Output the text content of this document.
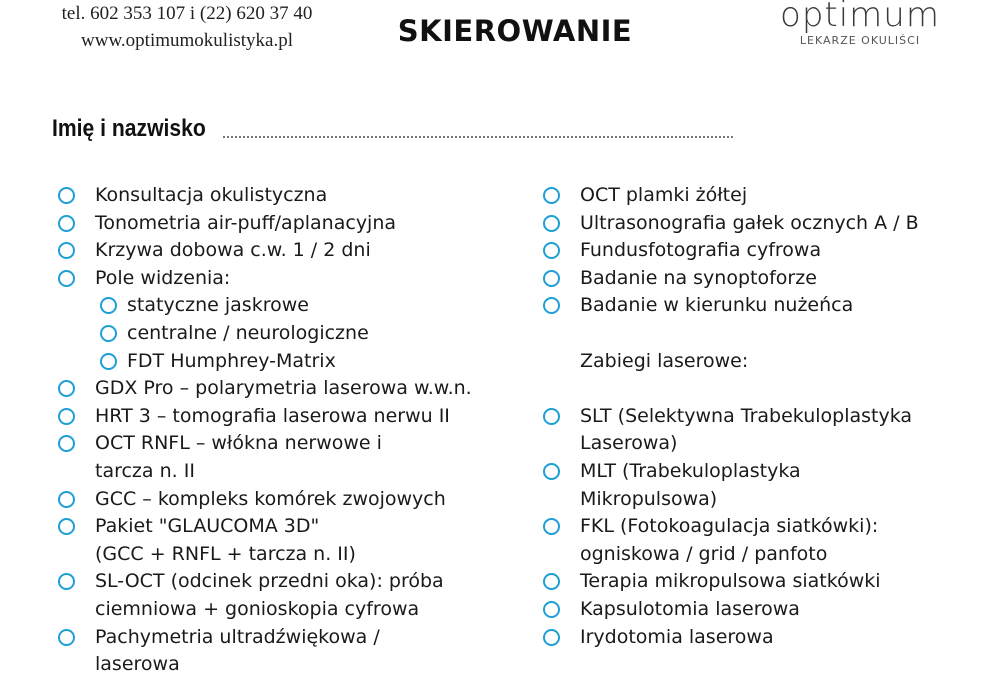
tel. 602 353 107 i (22) 620 37 40
www.optimumokulistyka.pl	SKIEROWANIE	optimum
LEKARZE OKULIŚCI
Imię i nazwisko
Konsultacja okulistyczna
Tonometria air-puff/aplanacyjna
Krzywa dobowa c.w. 1 / 2 dni
Pole widzenia:
statyczne jaskrowe
centralne / neurologiczne
FDT Humphrey-Matrix
GDX Pro – polarymetria laserowa w.w.n.
HRT 3 – tomografia laserowa nerwu II
OCT RNFL – włókna nerwowe i
tarcza n. II
GCC – kompleks komórek zwojowych
Pakiet "GLAUCOMA 3D"
(GCC + RNFL + tarcza n. II)
SL-OCT (odcinek przedni oka): próba
ciemniowa + gonioskopia cyfrowa
Pachymetria ultradźwiękowa /
laserowa
OCT plamki żółtej
Ultrasonografia gałek ocznych A / B
Fundusfotografia cyfrowa
Badanie na synoptoforze
Badanie w kierunku nużeńca
Zabiegi laserowe:
SLT (Selektywna Trabekuloplastyka
Laserowa)
MLT (Trabekuloplastyka
Mikropulsowa)
FKL (Fotokoagulacja siatkówki):
ogniskowa / grid / panfoto
Terapia mikropulsowa siatkówki
Kapsulotomia laserowa
Irydotomia laserowa
